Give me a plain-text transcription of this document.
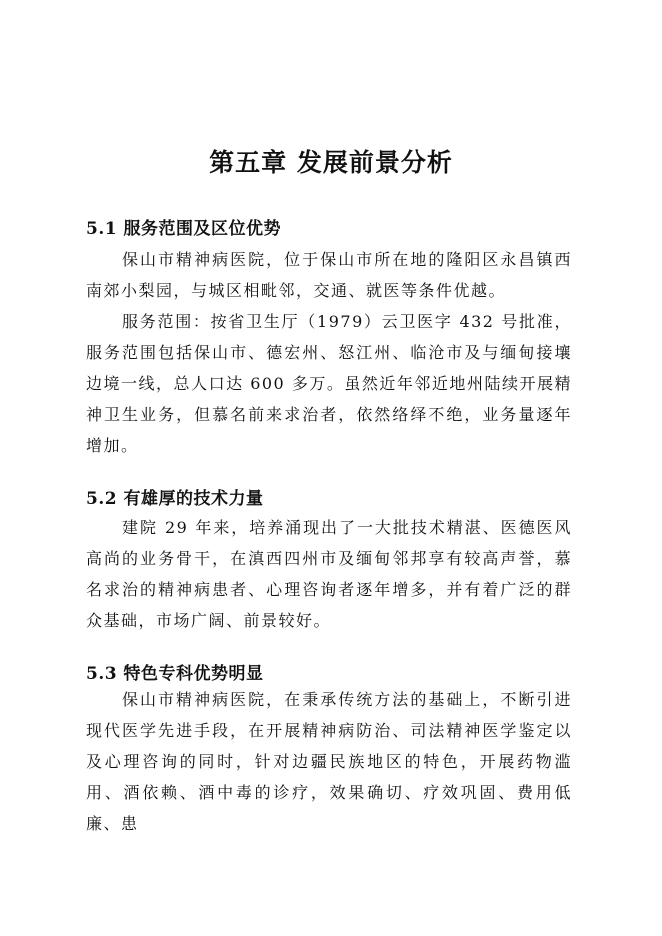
第五章 发展前景分析
5.1 服务范围及区位优势

保山市精神病医院，位于保山市所在地的隆阳区永昌镇西南郊小梨园，与城区相毗邻，交通、就医等条件优越。

服务范围：按省卫生厅（1979）云卫医字 432 号批准，服务范围包括保山市、德宏州、怒江州、临沧市及与缅甸接壤边境一线，总人口达 600 多万。虽然近年邻近地州陆续开展精神卫生业务，但慕名前来求治者，依然络绎不绝，业务量逐年增加。

5.2 有雄厚的技术力量

建院 29 年来，培养涌现出了一大批技术精湛、医德医风高尚的业务骨干，在滇西四州市及缅甸邻邦享有较高声誉，慕名求治的精神病患者、心理咨询者逐年增多，并有着广泛的群众基础，市场广阔、前景较好。

5.3 特色专科优势明显

保山市精神病医院，在秉承传统方法的基础上，不断引进现代医学先进手段，在开展精神病防治、司法精神医学鉴定以及心理咨询的同时，针对边疆民族地区的特色，开展药物滥用、酒依赖、酒中毒的诊疗，效果确切、疗效巩固、费用低廉、患
